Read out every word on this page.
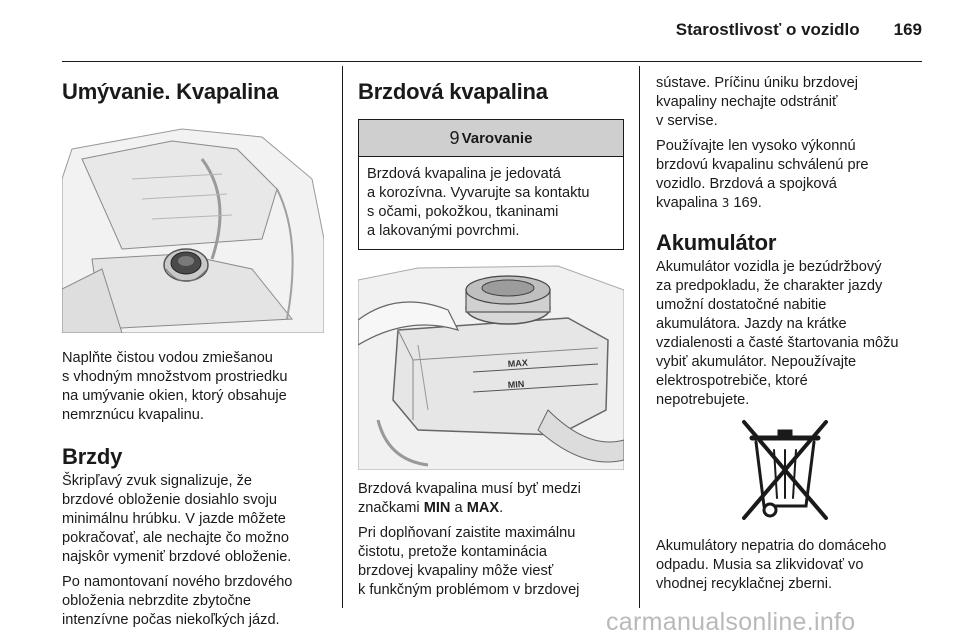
Starostlivosť o vozidlo 169
Umývanie. Kvapalina

Naplňte čistou vodou zmiešanou
s vhodným množstvom prostriedku
na umývanie okien, ktorý obsahuje
nemrznúcu kvapalinu.

Brzdy

Škripľavý zvuk signalizuje, že
brzdové obloženie dosiahlo svoju
minimálnu hrúbku. V jazde môžete
pokračovať, ale nechajte čo možno
najskôr vymeniť brzdové obloženie.

Po namontovaní nového brzdového
obloženia nebrzdite zbytočne
intenzívne počas niekoľkých jázd.

Brzdová kvapalina
9 Varovanie

Brzdová kvapalina je jedovatá
a korozívna. Vyvarujte sa kontaktu
s očami, pokožkou, tkaninami
a lakovanými povrchmi.

MAX
MIN

Brzdová kvapalina musí byť medzi
značkami MIN a MAX.

Pri doplňovaní zaistite maximálnu
čistotu, pretože kontaminácia
brzdovej kvapaliny môže viesť
k funkčným problémom v brzdovej

sústave. Príčinu úniku brzdovej
kvapaliny nechajte odstrániť
v servise.

Používajte len vysoko výkonnú
brzdovú kvapalinu schválenú pre
vozidlo. Brzdová a spojková
kvapalina 3 169.

Akumulátor

Akumulátor vozidla je bezúdržbový
za predpokladu, že charakter jazdy
umožní dostatočné nabitie
akumulátora. Jazdy na krátke
vzdialenosti a časté štartovania môžu
vybiť akumulátor. Nepoužívajte
elektrospotrebiče, ktoré
nepotrebujete.

Akumulátory nepatria do domáceho
odpadu. Musia sa zlikvidovať vo
vhodnej recyklačnej zberni.

carmanualsonline.info
